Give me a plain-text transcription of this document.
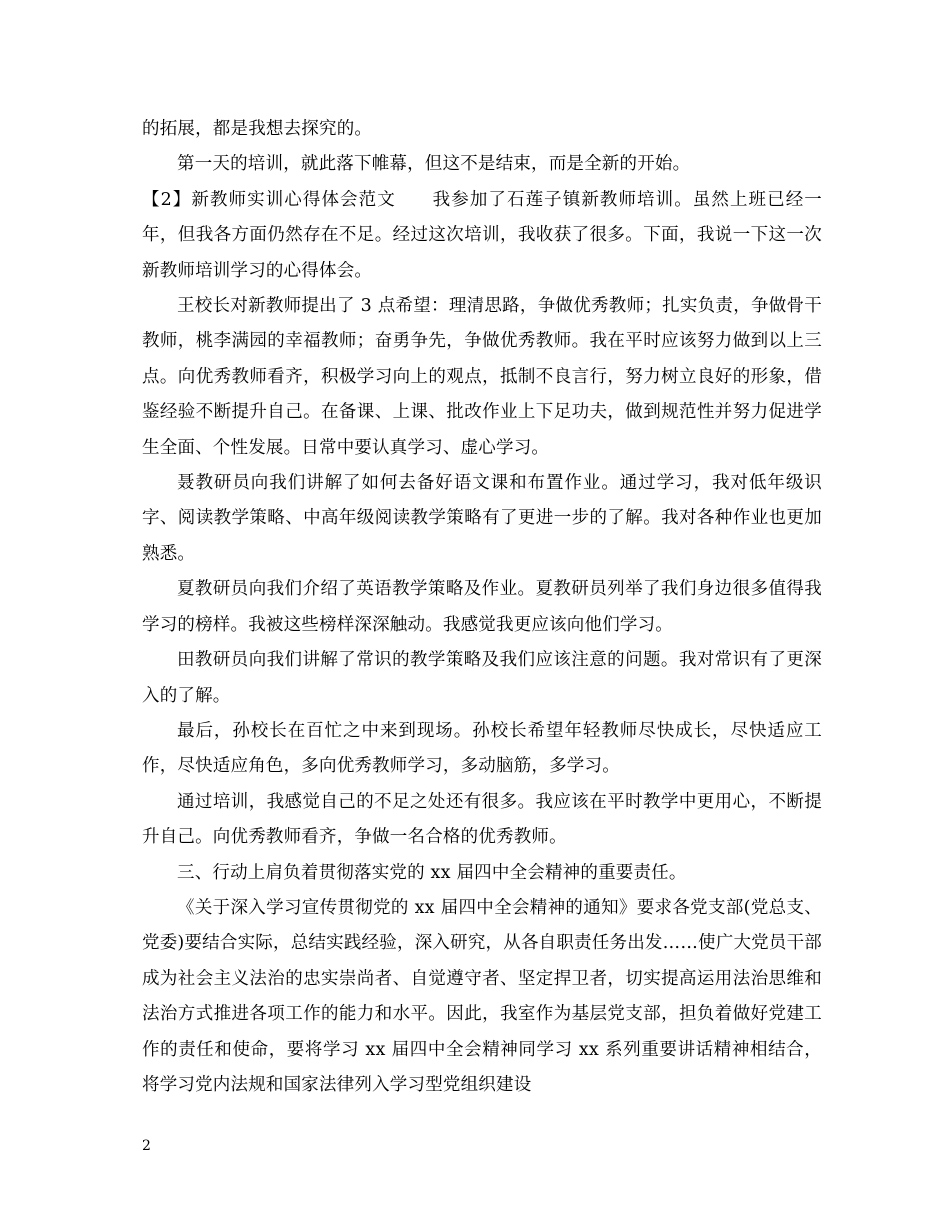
的拓展，都是我想去探究的。

第一天的培训，就此落下帷幕，但这不是结束，而是全新的开始。

【2】新教师实训心得体会范文 我参加了石莲子镇新教师培训。虽然上班已经一年，但我各方面仍然存在不足。经过这次培训，我收获了很多。下面，我说一下这一次新教师培训学习的心得体会。

王校长对新教师提出了 3 点希望：理清思路，争做优秀教师；扎实负责，争做骨干教师，桃李满园的幸福教师；奋勇争先，争做优秀教师。我在平时应该努力做到以上三点。向优秀教师看齐，积极学习向上的观点，抵制不良言行，努力树立良好的形象，借鉴经验不断提升自己。在备课、上课、批改作业上下足功夫，做到规范性并努力促进学生全面、个性发展。日常中要认真学习、虚心学习。

聂教研员向我们讲解了如何去备好语文课和布置作业。通过学习，我对低年级识字、阅读教学策略、中高年级阅读教学策略有了更进一步的了解。我对各种作业也更加熟悉。

夏教研员向我们介绍了英语教学策略及作业。夏教研员列举了我们身边很多值得我学习的榜样。我被这些榜样深深触动。我感觉我更应该向他们学习。

田教研员向我们讲解了常识的教学策略及我们应该注意的问题。我对常识有了更深入的了解。

最后，孙校长在百忙之中来到现场。孙校长希望年轻教师尽快成长，尽快适应工作，尽快适应角色，多向优秀教师学习，多动脑筋，多学习。

通过培训，我感觉自己的不足之处还有很多。我应该在平时教学中更用心，不断提升自己。向优秀教师看齐，争做一名合格的优秀教师。

三、行动上肩负着贯彻落实党的 xx 届四中全会精神的重要责任。

《关于深入学习宣传贯彻党的 xx 届四中全会精神的通知》要求各党支部(党总支、党委)要结合实际，总结实践经验，深入研究，从各自职责任务出发……使广大党员干部成为社会主义法治的忠实崇尚者、自觉遵守者、坚定捍卫者，切实提高运用法治思维和法治方式推进各项工作的能力和水平。因此，我室作为基层党支部，担负着做好党建工作的责任和使命，要将学习 xx 届四中全会精神同学习 xx 系列重要讲话精神相结合，将学习党内法规和国家法律列入学习型党组织建设

2
